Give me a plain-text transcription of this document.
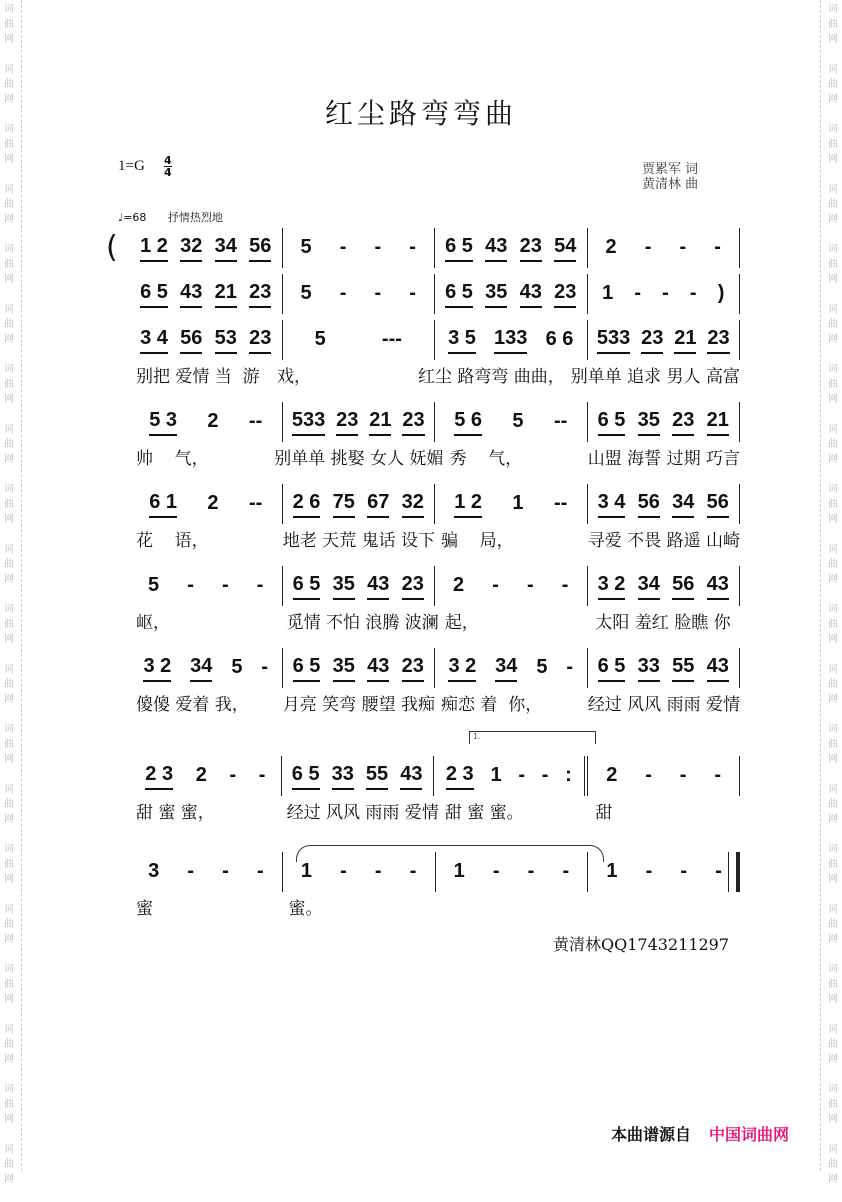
词
曲
网
词
曲
网
词
曲
网
词
曲
网
词
曲
网
词
曲
网
词
曲
网
词
曲
网
词
曲
网
词
曲
网
词
曲
网
词
曲
网
词
曲
网
词
曲
网
词
曲
网
词
曲
网
词
曲
网
词
曲
网
词
曲
网
词
曲
网
词
曲
网
词
曲
网
词
曲
网
词
曲
网
词
曲
网
词
曲
网
词
曲
网
词
曲
网
词
曲
网
词
曲
网
词
曲
网
词
曲
网
词
曲
网
词
曲
网
词
曲
网
词
曲
网
词
曲
网
词
曲
网
词
曲
网
词
曲
网
红尘路弯弯曲
1=G 4
4	贾累军 词
黄清林 曲
♩=68 抒情热烈地
(
_1 2
_32
_34
_56 5 - - -
_6 5
_43
_23
_54 2 - - -
_6 5
_43
_21
_23 5 - - -
_6 5
_35
_43
_23 1 - - - )
_3 4
_56
_53
_23 5	---
_3 5
_133 6 6
_533
_23
_21
_23
别把 爱情 当  游	戏，	红尘 路弯弯 曲曲， 别单单 追求 男人 高富
_5 3 2 --
_533
_23
_21
_23
_5 6 5 --
_6 5
_35
_23
_21
帅    气，	别单单 挑娶 女人 妩媚 秀    气，	山盟 海誓 过期 巧言
_6 1 2 --
_2 6
_75
_67
_32
_1 2 1 --
_3 4
_56
_34
_56
花    语，	地老 天荒 鬼话 设下 骗    局，	寻爱 不畏 路遥 山崎
5 - - -
_6 5
_35
_43
_23 2 - - -
_3 2
_34
_56
_43
岖，	觅情 不怕 浪腾 波澜 起，	太阳 羞红 脸瞧 你
_3 2
_34 5 -
_6 5
_35
_43
_23
_3 2
_34 5 -
_6 5
_33
_55
_43
傻傻 爱着 我，	月亮 笑弯 腰望 我痴 痴恋 着  你，	经过 风风 雨雨 爱情
_2 3 2 - -
_6 5
_33
_55
_43
_2 3 1 - - : 2 - - -
甜 蜜 蜜，	经过 风风 雨雨 爱情 甜 蜜 蜜。	甜
3 - - - 1 - - - 1 - - - 1 - - -
蜜	蜜。
1.
黄清林QQ1743211297
本曲谱源自 中国词曲网
